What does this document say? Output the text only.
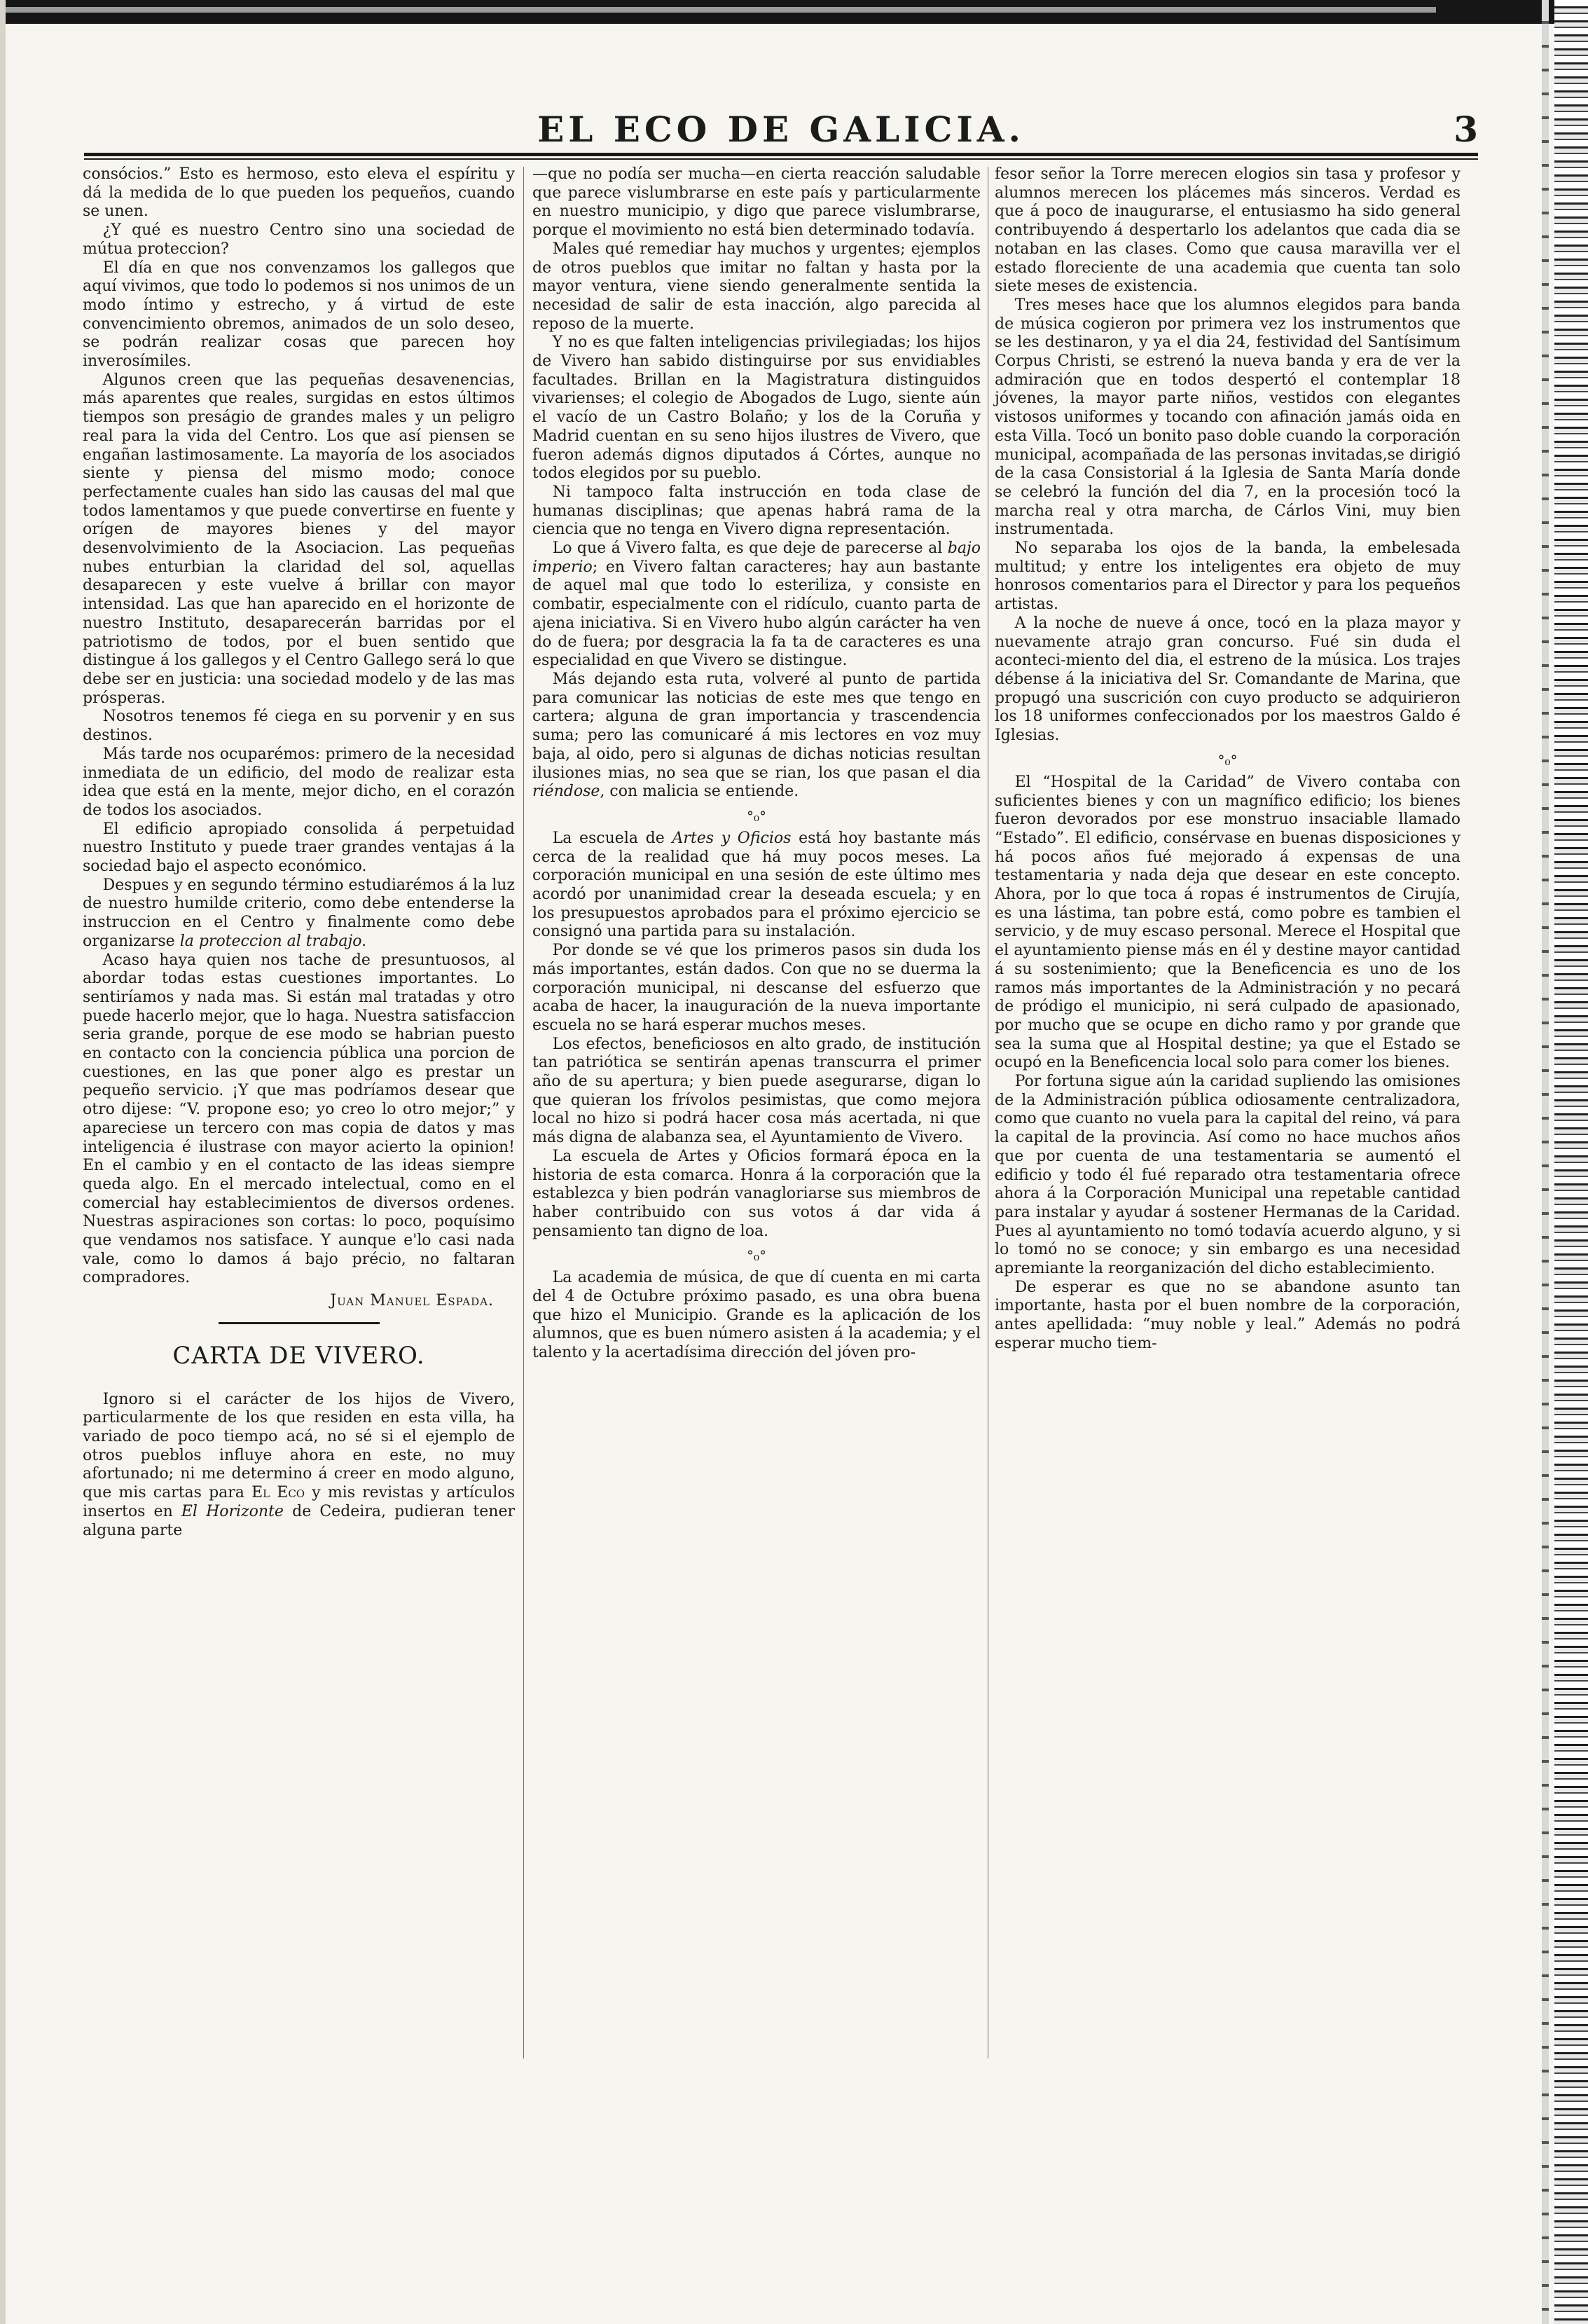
EL ECO DE GALICIA.	3

consócios.” Esto es hermoso, esto eleva el espíritu y dá la medida de lo que pueden los pequeños, cuando se unen.

¿Y qué es nuestro Centro sino una sociedad de mútua proteccion?

El día en que nos convenzamos los gallegos que aquí vivimos, que todo lo podemos si nos unimos de un modo íntimo y estrecho, y á virtud de este convencimiento obremos, animados de un solo deseo, se podrán realizar cosas que parecen hoy inverosímiles.

Algunos creen que las pequeñas desavenencias, más aparentes que reales, surgidas en estos últimos tiempos son preságio de grandes males y un peligro real para la vida del Centro. Los que así piensen se engañan lastimosamente. La mayoría de los asociados siente y piensa del mismo modo; conoce perfectamente cuales han sido las causas del mal que todos lamentamos y que puede convertirse en fuente y orígen de mayores bienes y del mayor desenvolvimiento de la Asociacion. Las pequeñas nubes enturbian la claridad del sol, aquellas desaparecen y este vuelve á brillar con mayor intensidad. Las que han aparecido en el horizonte de nuestro Instituto, desaparecerán barridas por el patriotismo de todos, por el buen sentido que distingue á los gallegos y el Centro Gallego será lo que debe ser en justicia: una sociedad modelo y de las mas prósperas.

Nosotros tenemos fé ciega en su porvenir y en sus destinos.

Más tarde nos ocuparémos: primero de la necesidad inmediata de un edificio, del modo de realizar esta idea que está en la mente, mejor dicho, en el corazón de todos los asociados.

El edificio apropiado consolida á perpetuidad nuestro Instituto y puede traer grandes ventajas á la sociedad bajo el aspecto económico.

Despues y en segundo término estudiarémos á la luz de nuestro humilde criterio, como debe entenderse la instruccion en el Centro y finalmente como debe organizarse la proteccion al trabajo.

Acaso haya quien nos tache de presuntuosos, al abordar todas estas cuestiones importantes. Lo sentiríamos y nada mas. Si están mal tratadas y otro puede hacerlo mejor, que lo haga. Nuestra satisfaccion seria grande, porque de ese modo se habrian puesto en contacto con la conciencia pública una porcion de cuestiones, en las que poner algo es prestar un pequeño servicio. ¡Y que mas podríamos desear que otro dijese: “V. propone eso; yo creo lo otro mejor;” y apareciese un tercero con mas copia de datos y mas inteligencia é ilustrase con mayor acierto la opinion! En el cambio y en el contacto de las ideas siempre queda algo. En el mercado intelectual, como en el comercial hay establecimientos de diversos ordenes. Nuestras aspiraciones son cortas: lo poco, poquísimo que vendamos nos satisface. Y aunque e'lo casi nada vale, como lo damos á bajo précio, no faltaran compradores.

Juan Manuel Espada.
CARTA DE VIVERO.

Ignoro si el carácter de los hijos de Vivero, particularmente de los que residen en esta villa, ha variado de poco tiempo acá, no sé si el ejemplo de otros pueblos influye ahora en este, no muy afortunado; ni me determino á creer en modo alguno, que mis cartas para El Eco y mis revistas y artículos insertos en El Horizonte de Cedeira, pudieran tener alguna parte

—que no podía ser mucha—en cierta reacción saludable que parece vislumbrarse en este país y particularmente en nuestro municipio, y digo que parece vislumbrarse, porque el movimiento no está bien determinado todavía.

Males qué remediar hay muchos y urgentes; ejemplos de otros pueblos que imitar no faltan y hasta por la mayor ventura, viene siendo generalmente sentida la necesidad de salir de esta inacción, algo parecida al reposo de la muerte.

Y no es que falten inteligencias privilegiadas; los hijos de Vivero han sabido distinguirse por sus envidiables facultades. Brillan en la Magistratura distinguidos vivarienses; el colegio de Abogados de Lugo, siente aún el vacío de un Castro Bolaño; y los de la Coruña y Madrid cuentan en su seno hijos ilustres de Vivero, que fueron además dignos diputados á Córtes, aunque no todos elegidos por su pueblo.

Ni tampoco falta instrucción en toda clase de humanas disciplinas; que apenas habrá rama de la ciencia que no tenga en Vivero digna representación.

Lo que á Vivero falta, es que deje de parecerse al bajo imperio; en Vivero faltan caracteres; hay aun bastante de aquel mal que todo lo esteriliza, y consiste en combatir, especialmente con el ridículo, cuanto parta de ajena iniciativa. Si en Vivero hubo algún carácter ha ven do de fuera; por desgracia la fa ta de caracteres es una especialidad en que Vivero se distingue.

Más dejando esta ruta, volveré al punto de partida para comunicar las noticias de este mes que tengo en cartera; alguna de gran importancia y trascendencia suma; pero las comunicaré á mis lectores en voz muy baja, al oido, pero si algunas de dichas noticias resultan ilusiones mias, no sea que se rian, los que pasan el dia riéndose, con malicia se entiende.

°₀°

La escuela de Artes y Oficios está hoy bastante más cerca de la realidad que há muy pocos meses. La corporación municipal en una sesión de este último mes acordó por unanimidad crear la deseada escuela; y en los presupuestos aprobados para el próximo ejercicio se consignó una partida para su instalación.

Por donde se vé que los primeros pasos sin duda los más importantes, están dados. Con que no se duerma la corporación municipal, ni descanse del esfuerzo que acaba de hacer, la inauguración de la nueva importante escuela no se hará esperar muchos meses.

Los efectos, beneficiosos en alto grado, de institución tan patriótica se sentirán apenas transcurra el primer año de su apertura; y bien puede asegurarse, digan lo que quieran los frívolos pesimistas, que como mejora local no hizo si podrá hacer cosa más acertada, ni que más digna de alabanza sea, el Ayuntamiento de Vivero.

La escuela de Artes y Oficios formará época en la historia de esta comarca. Honra á la corporación que la establezca y bien podrán vanagloriarse sus miembros de haber contribuido con sus votos á dar vida á pensamiento tan digno de loa.

°₀°

La academia de música, de que dí cuenta en mi carta del 4 de Octubre próximo pasado, es una obra buena que hizo el Municipio. Grande es la aplicación de los alumnos, que es buen número asisten á la academia; y el talento y la acertadísima dirección del jóven pro-

fesor señor la Torre merecen elogios sin tasa y profesor y alumnos merecen los plácemes más sinceros. Verdad es que á poco de inaugurarse, el entusiasmo ha sido general contribuyendo á despertarlo los adelantos que cada dia se notaban en las clases. Como que causa maravilla ver el estado floreciente de una academia que cuenta tan solo siete meses de existencia.

Tres meses hace que los alumnos elegidos para banda de música cogieron por primera vez los instrumentos que se les destinaron, y ya el dia 24, festividad del Santísimum Corpus Christi, se estrenó la nueva banda y era de ver la admiración que en todos despertó el contemplar 18 jóvenes, la mayor parte niños, vestidos con elegantes vistosos uniformes y tocando con afinación jamás oida en esta Villa. Tocó un bonito paso doble cuando la corporación municipal, acompañada de las personas invitadas,se dirigió de la casa Consistorial á la Iglesia de Santa María donde se celebró la función del dia 7, en la procesión tocó la marcha real y otra marcha, de Cárlos Vini, muy bien instrumentada.

No separaba los ojos de la banda, la embelesada multitud; y entre los inteligentes era objeto de muy honrosos comentarios para el Director y para los pequeños artistas.

A la noche de nueve á once, tocó en la plaza mayor y nuevamente atrajo gran concurso. Fué sin duda el aconteci-miento del dia, el estreno de la música. Los trajes débense á la iniciativa del Sr. Comandante de Marina, que propugó una suscrición con cuyo producto se adquirieron los 18 uniformes confeccionados por los maestros Galdo é Iglesias.

°₀°

El “Hospital de la Caridad” de Vivero contaba con suficientes bienes y con un magnífico edificio; los bienes fueron devorados por ese monstruo insaciable llamado “Estado”. El edificio, consérvase en buenas disposiciones y há pocos años fué mejorado á expensas de una testamentaria y nada deja que desear en este concepto. Ahora, por lo que toca á ropas é instrumentos de Cirujía, es una lástima, tan pobre está, como pobre es tambien el servicio, y de muy escaso personal. Merece el Hospital que el ayuntamiento piense más en él y destine mayor cantidad á su sostenimiento; que la Beneficencia es uno de los ramos más importantes de la Administración y no pecará de pródigo el municipio, ni será culpado de apasionado, por mucho que se ocupe en dicho ramo y por grande que sea la suma que al Hospital destine; ya que el Estado se ocupó en la Beneficencia local solo para comer los bienes.

Por fortuna sigue aún la caridad supliendo las omisiones de la Administración pública odiosamente centralizadora, como que cuanto no vuela para la capital del reino, vá para la capital de la provincia. Así como no hace muchos años que por cuenta de una testamentaria se aumentó el edificio y todo él fué reparado otra testamentaria ofrece ahora á la Corporación Municipal una repetable cantidad para instalar y ayudar á sostener Hermanas de la Caridad. Pues al ayuntamiento no tomó todavía acuerdo alguno, y si lo tomó no se conoce; y sin embargo es una necesidad apremiante la reorganización del dicho establecimiento.

De esperar es que no se abandone asunto tan importante, hasta por el buen nombre de la corporación, antes apellidada: “muy noble y leal.” Además no podrá esperar mucho tiem-
